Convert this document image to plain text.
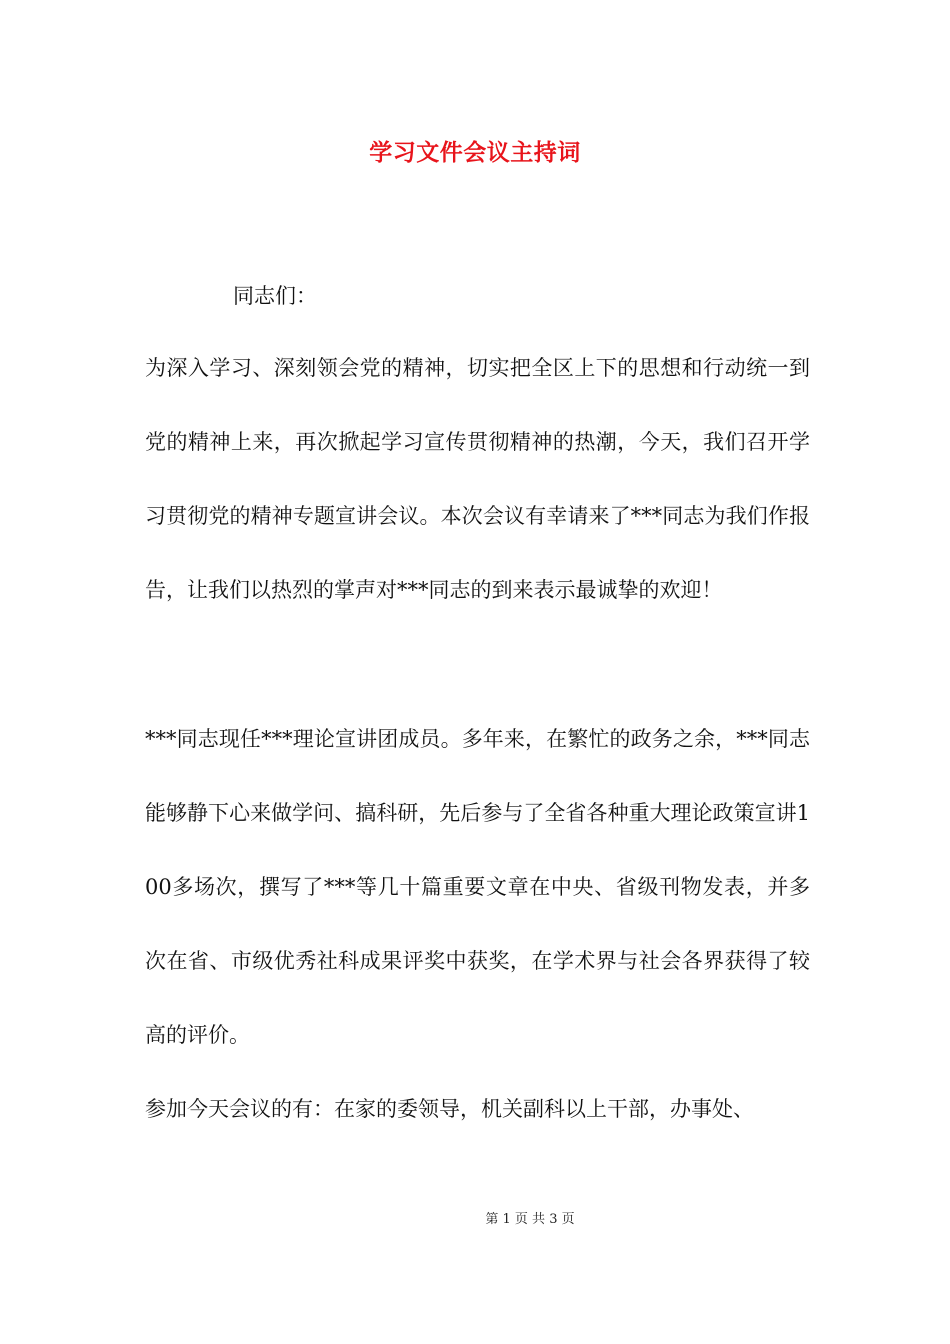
学习文件会议主持词
同志们：

为深入学习、深刻领会党的精神，切实把全区上下的思想和行动统一到党的精神上来，再次掀起学习宣传贯彻精神的热潮，今天，我们召开学习贯彻党的精神专题宣讲会议。本次会议有幸请来了***同志为我们作报告，让我们以热烈的掌声对***同志的到来表示最诚挚的欢迎！

***同志现任***理论宣讲团成员。多年来，在繁忙的政务之余，***同志能够静下心来做学问、搞科研，先后参与了全省各种重大理论政策宣讲100多场次，撰写了***等几十篇重要文章在中央、省级刊物发表，并多次在省、市级优秀社科成果评奖中获奖，在学术界与社会各界获得了较高的评价。

参加今天会议的有：在家的委领导，机关副科以上干部，办事处、

第 1 页 共 3 页
